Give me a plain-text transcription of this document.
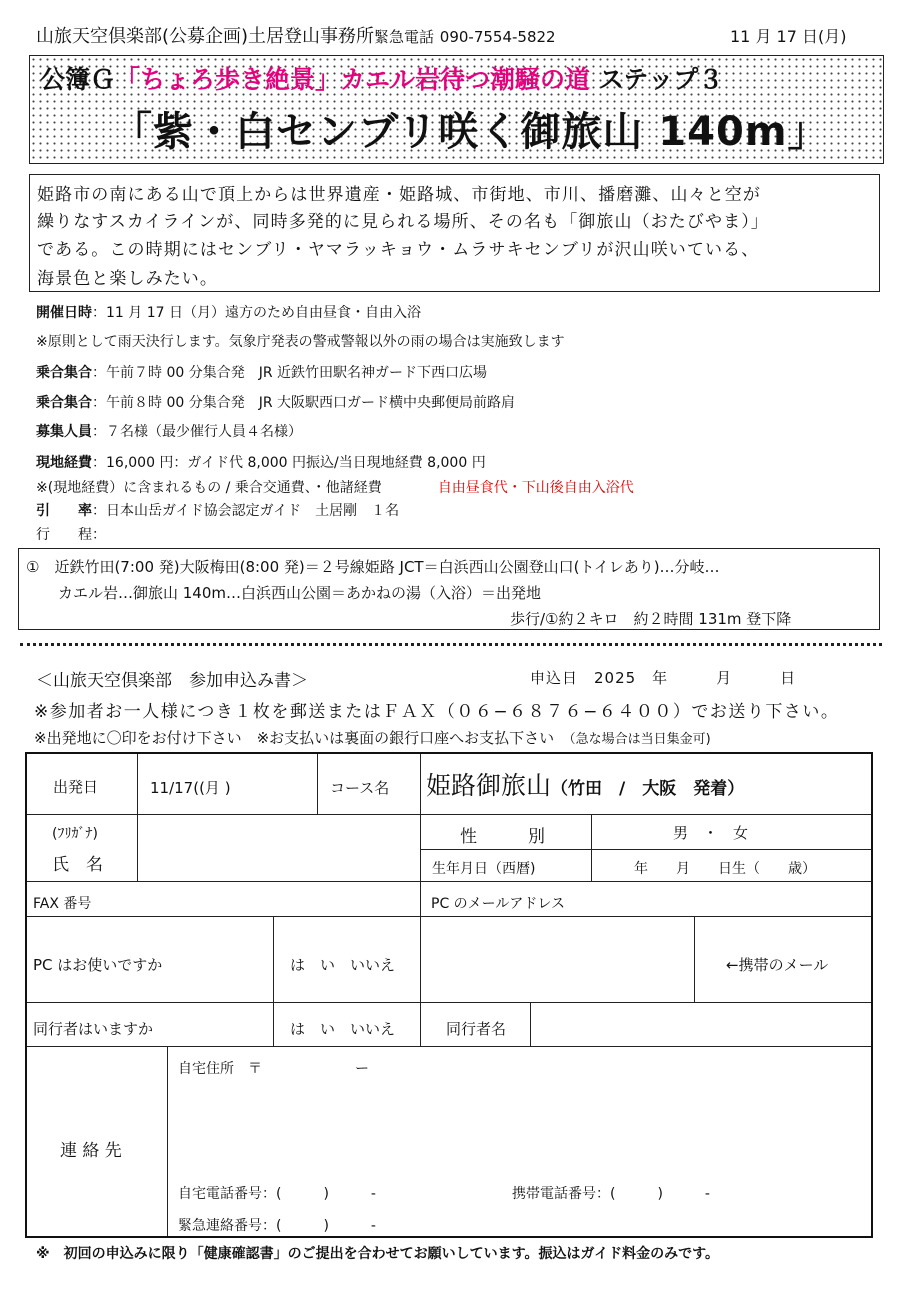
山旅天空倶楽部(公募企画)土居登山事務所緊急電話 090-7554-5822	11 月 17 日(月)
公簿Ｇ「ちょろ歩き絶景」カエル岩待つ潮騒の道 ステップ３
「紫・白センブリ咲く御旅山 140m」
姫路市の南にある山で頂上からは世界遺産・姫路城、市街地、市川、播磨灘、山々と空が
繰りなすスカイラインが、同時多発的に見られる場所、その名も「御旅山（おたびやま）」
である。この時期にはセンブリ・ヤマラッキョウ・ムラサキセンブリが沢山咲いている、
海景色と楽しみたい。
開催日時：11 月 17 日（月）遠方のため自由昼食・自由入浴
※原則として雨天決行します。気象庁発表の警戒警報以外の雨の場合は実施致します
乗合集合：午前７時 00 分集合発　JR 近鉄竹田駅名神ガード下西口広場
乗合集合：午前８時 00 分集合発　JR 大阪駅西口ガード横中央郵便局前路肩
募集人員：７名様（最少催行人員４名様）
現地経費：16,000 円：ガイド代 8,000 円振込/当日現地経費 8,000 円
※(現地経費）に含まれるもの / 乗合交通費、・他諸経費　　　　	自由昼食代・下山後自由入浴代
引　　率：日本山岳ガイド協会認定ガイド　土居剛　１名
行　　程：
①　近鉄竹田(7:00 発)大阪梅田(8:00 発)＝２号線姫路 JCT＝白浜西山公園登山口(トイレあり)…分岐…
カエル岩…御旅山 140m…白浜西山公園＝あかねの湯（入浴）＝出発地
歩行/①約２キロ　約２時間 131m 登下降
＜山旅天空倶楽部　参加申込み書＞	申込日　2025　年　　　月　　　日
※参加者お一人様につき１枚を郵送またはＦＡＸ（０６−６８７６−６４００）でお送り下さい。
※出発地に〇印をお付け下さい　※お支払いは裏面の銀行口座へお支払下さい　 （急な場合は当日集金可)
出発日	11/17((月 )	コース名 姫路御旅山（竹田　/　大阪　発着）
(ﾌﾘｶﾞﾅ)
氏　名
性　　　別	男　・　女
生年月日（西暦)	年　　月　　日生（　　歳）
FAX 番号	PC のメールアドレス
PC はお使いですか	は　い　いいえ	←携帯のメール
同行者はいますか	は　い　いいえ	同行者名
連 絡 先
自宅住所　〒	ー
自宅電話番号：(　　　)　　　-	携帯電話番号：(　　　)　　　-
緊急連絡番号：(　　　)　　　-
※　初回の申込みに限り「健康確認書」のご提出を合わせてお願いしています。振込はガイド料金のみです。
